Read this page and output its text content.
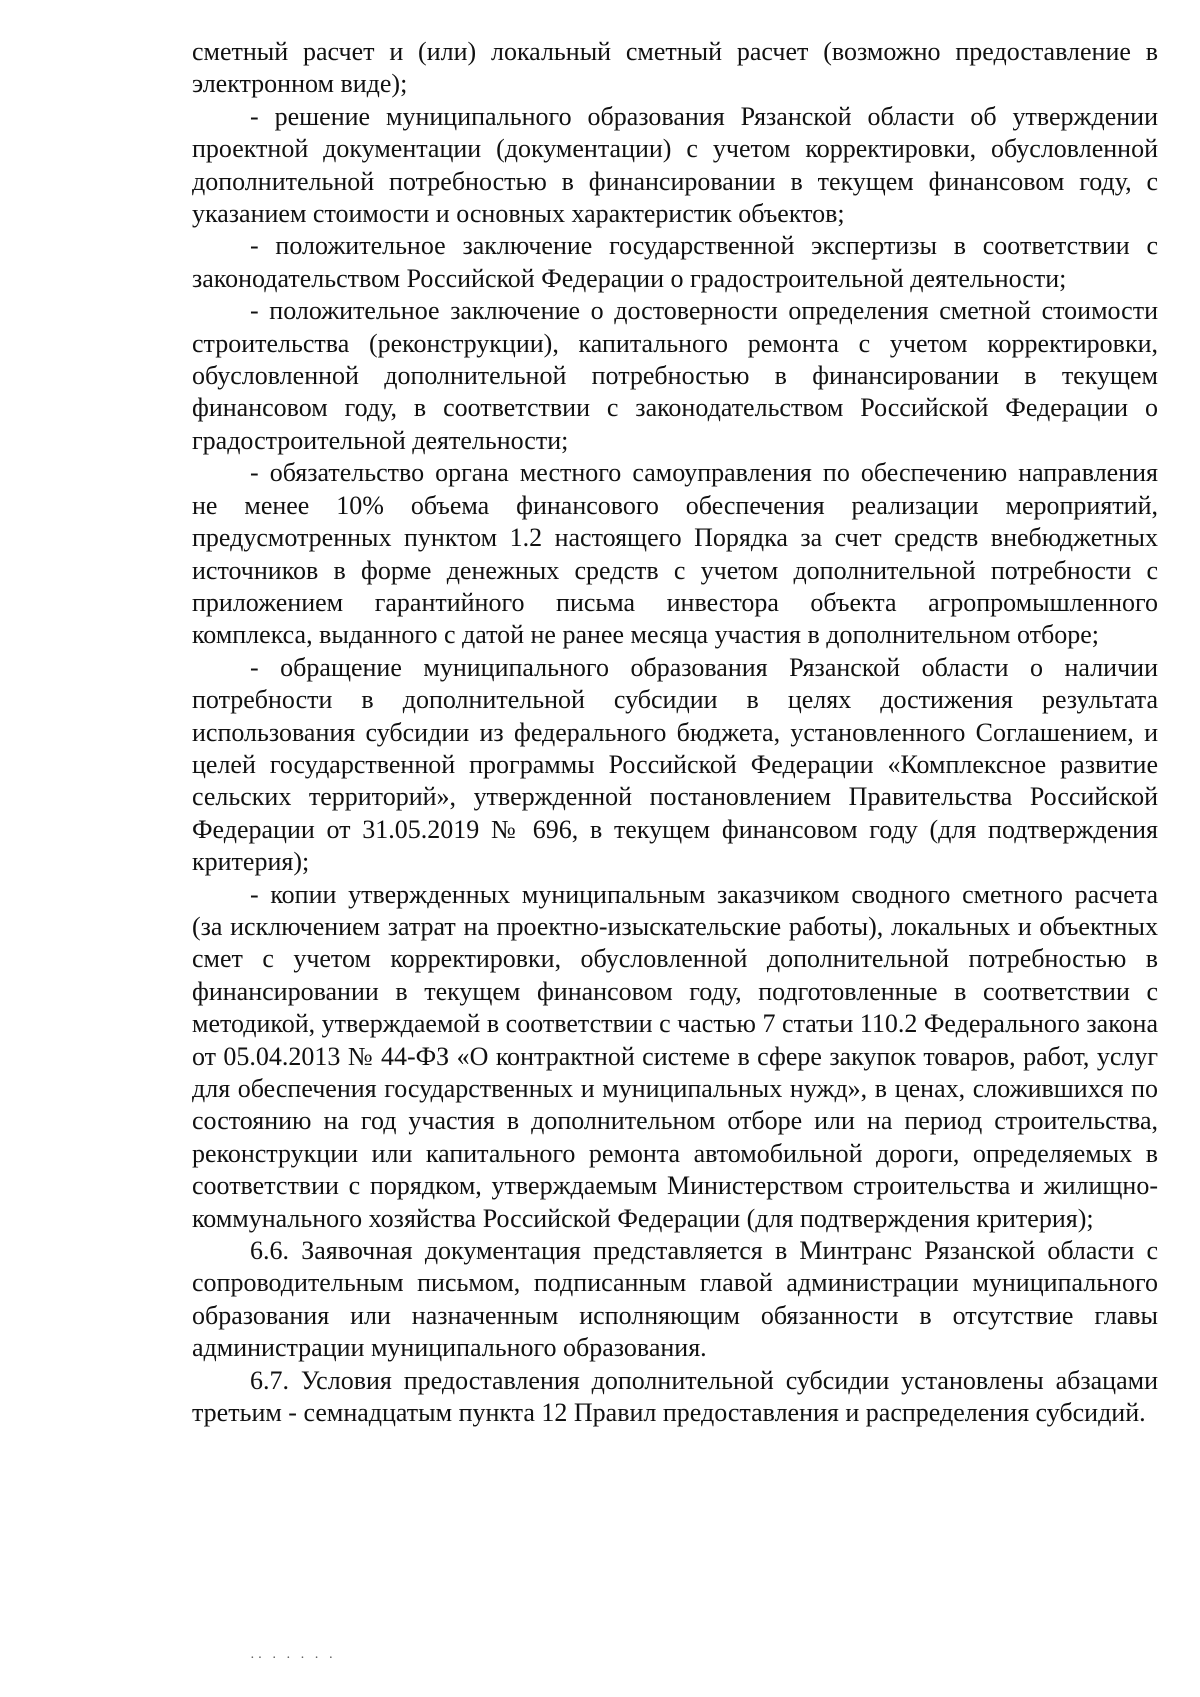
сметный расчет и (или) локальный сметный расчет (возможно предоставление в электронном виде);

- решение муниципального образования Рязанской области об утверждении проектной документации (документации) с учетом корректировки, обусловленной дополнительной потребностью в финансировании в текущем финансовом году, с указанием стоимости и основных характеристик объектов;

- положительное заключение государственной экспертизы в соответствии с законодательством Российской Федерации о градостроительной деятельности;

- положительное заключение о достоверности определения сметной стоимости строительства (реконструкции), капитального ремонта с учетом корректировки, обусловленной дополнительной потребностью в финансировании в текущем финансовом году, в соответствии с законодательством Российской Федерации о градостроительной деятельности;

- обязательство органа местного самоуправления по обеспечению направления не менее 10% объема финансового обеспечения реализации мероприятий, предусмотренных пунктом 1.2 настоящего Порядка за счет средств внебюджетных источников в форме денежных средств с учетом дополнительной потребности с приложением гарантийного письма инвестора объекта агропромышленного комплекса, выданного с датой не ранее месяца участия в дополнительном отборе;

- обращение муниципального образования Рязанской области о наличии потребности в дополнительной субсидии в целях достижения результата использования субсидии из федерального бюджета, установленного Соглашением, и целей государственной программы Российской Федерации «Комплексное развитие сельских территорий», утвержденной постановлением Правительства Российской Федерации от 31.05.2019 № 696, в текущем финансовом году (для подтверждения критерия);

- копии утвержденных муниципальным заказчиком сводного сметного расчета (за исключением затрат на проектно-изыскательские работы), локальных и объектных смет с учетом корректировки, обусловленной дополнительной потребностью в финансировании в текущем финансовом году, подготовленные в соответствии с методикой, утверждаемой в соответствии с частью 7 статьи 110.2 Федерального закона от 05.04.2013 № 44-ФЗ «О контрактной системе в сфере закупок товаров, работ, услуг для обеспечения государственных и муниципальных нужд», в ценах, сложившихся по состоянию на год участия в дополнительном отборе или на период строительства, реконструкции или капитального ремонта автомобильной дороги, определяемых в соответствии с порядком, утверждаемым Министерством строительства и жилищно-коммунального хозяйства Российской Федерации (для подтверждения критерия);

6.6. Заявочная документация представляется в Минтранс Рязанской области с сопроводительным письмом, подписанным главой администрации муниципального образования или назначенным исполняющим обязанности в отсутствие главы администрации муниципального образования.

6.7. Условия предоставления дополнительной субсидии установлены абзацами третьим - семнадцатым пункта 12 Правил предоставления и распределения субсидий.

·· · · · · ·
